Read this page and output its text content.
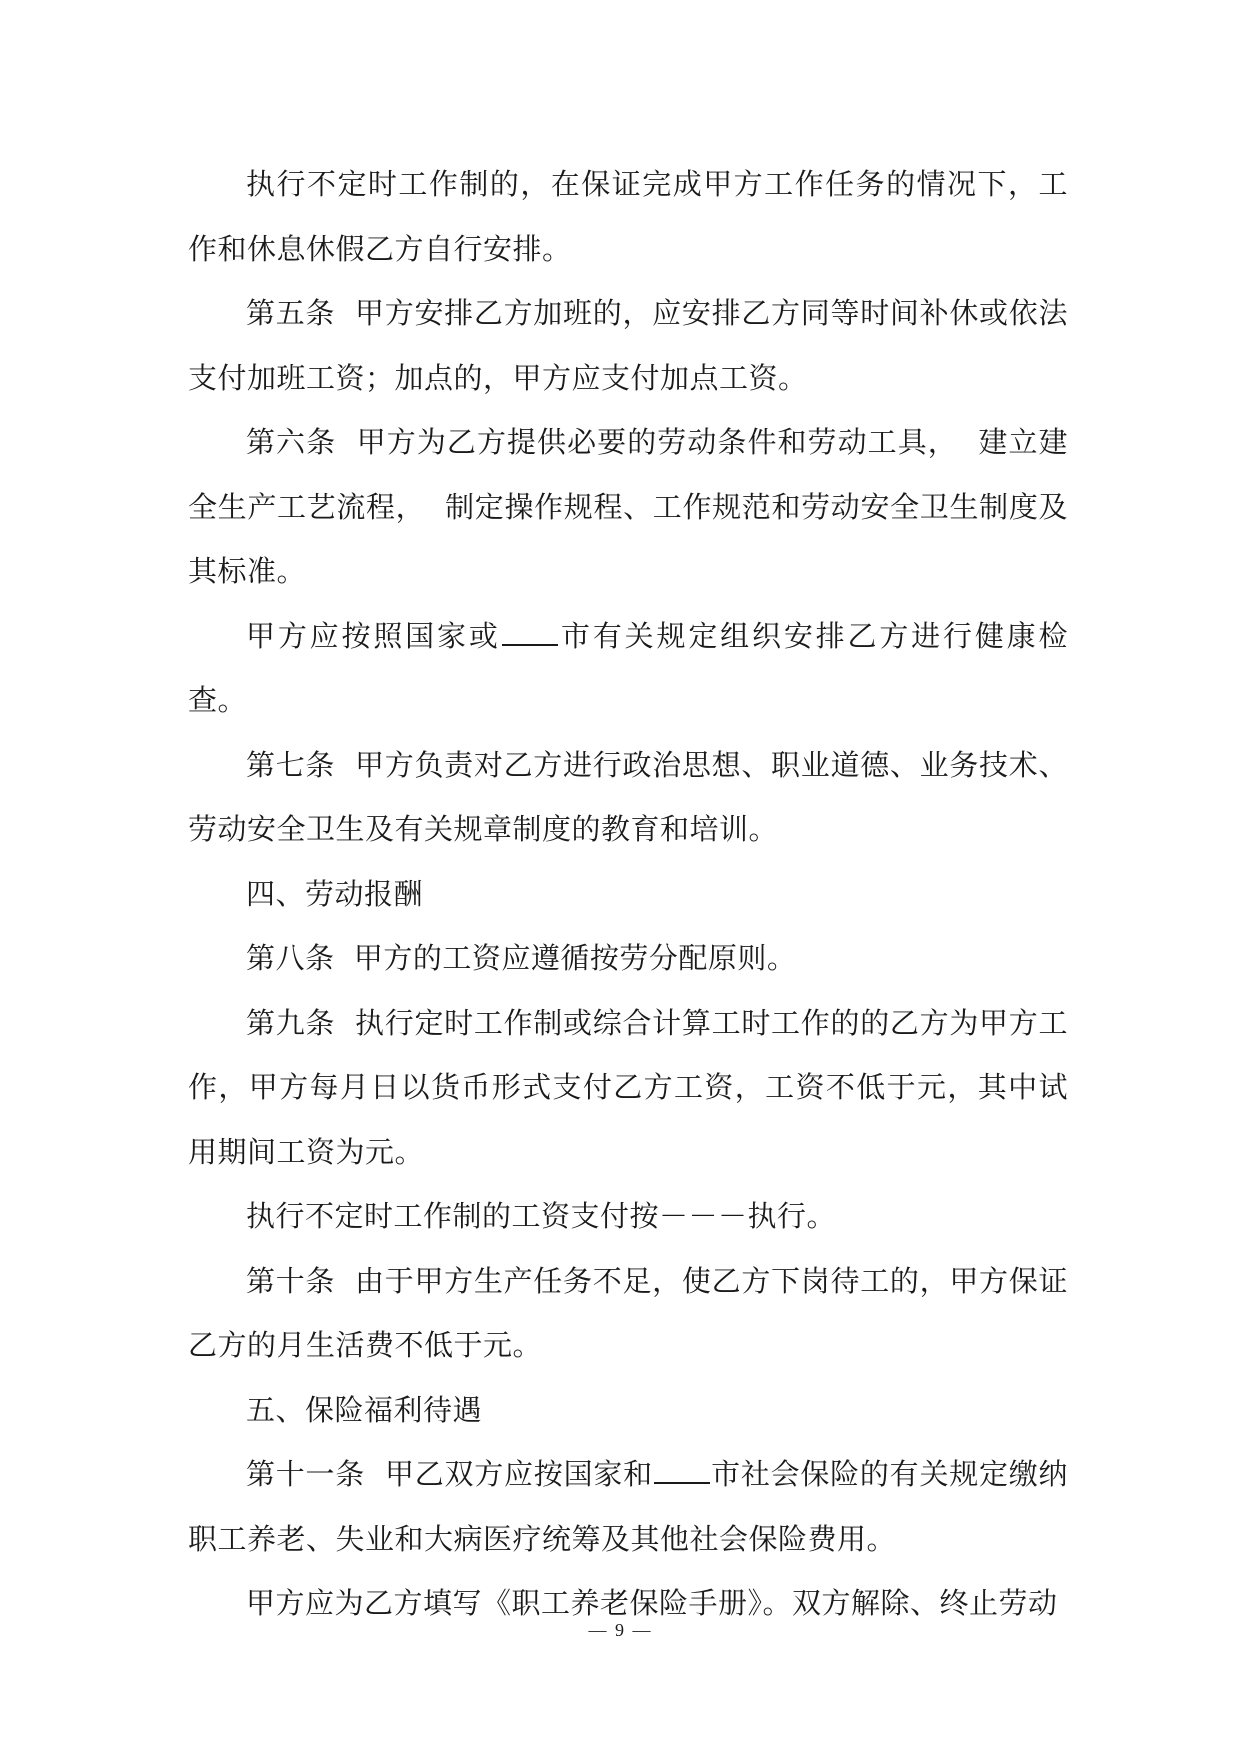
执行不定时工作制的，在保证完成甲方工作任务的情况下，工作和休息休假乙方自行安排。

第五条  甲方安排乙方加班的，应安排乙方同等时间补休或依法支付加班工资；加点的，甲方应支付加点工资。

第六条  甲方为乙方提供必要的劳动条件和劳动工具，  建立建全生产工艺流程，  制定操作规程、工作规范和劳动安全卫生制度及其标准。

甲方应按照国家或 市有关规定组织安排乙方进行健康检查。

第七条  甲方负责对乙方进行政治思想、职业道德、业务技术、劳动安全卫生及有关规章制度的教育和培训。

四、劳动报酬

第八条  甲方的工资应遵循按劳分配原则。

第九条  执行定时工作制或综合计算工时工作的的乙方为甲方工作，甲方每月日以货币形式支付乙方工资，工资不低于元，其中试用期间工资为元。

执行不定时工作制的工资支付按－－－执行。

第十条  由于甲方生产任务不足，使乙方下岗待工的，甲方保证乙方的月生活费不低于元。

五、保险福利待遇

第十一条  甲乙双方应按国家和 市社会保险的有关规定缴纳职工养老、失业和大病医疗统筹及其他社会保险费用。

甲方应为乙方填写《职工养老保险手册》。双方解除、终止劳动

— 9 —
